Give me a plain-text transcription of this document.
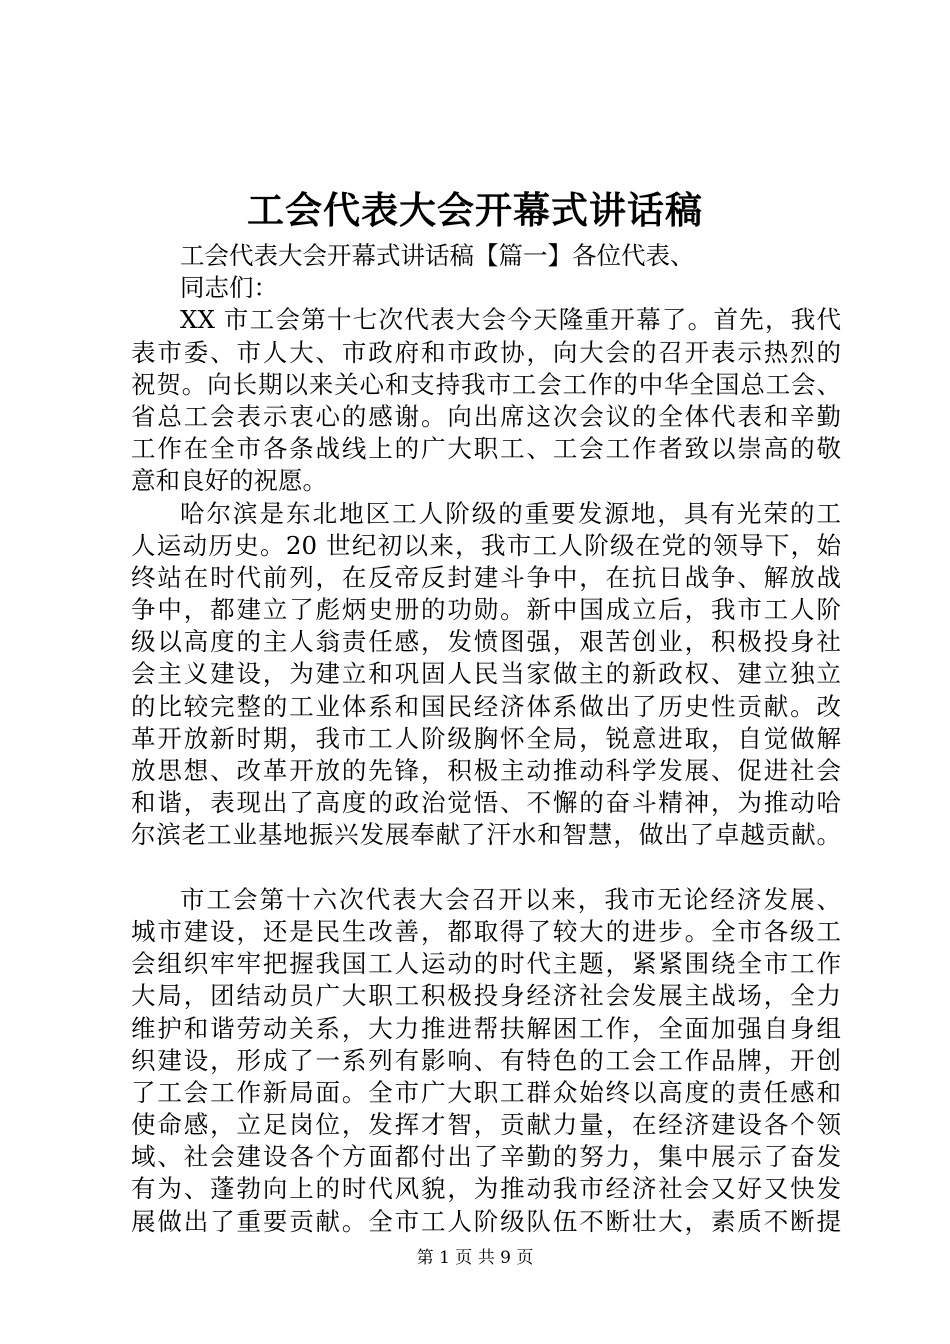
工会代表大会开幕式讲话稿
工会代表大会开幕式讲话稿【篇一】各位代表、
同志们：
XX 市工会第十七次代表大会今天隆重开幕了。首先，我代
表市委、市人大、市政府和市政协，向大会的召开表示热烈的
祝贺。向长期以来关心和支持我市工会工作的中华全国总工会、
省总工会表示衷心的感谢。向出席这次会议的全体代表和辛勤
工作在全市各条战线上的广大职工、工会工作者致以崇高的敬
意和良好的祝愿。
哈尔滨是东北地区工人阶级的重要发源地，具有光荣的工
人运动历史。20 世纪初以来，我市工人阶级在党的领导下，始
终站在时代前列，在反帝反封建斗争中，在抗日战争、解放战
争中，都建立了彪炳史册的功勋。新中国成立后，我市工人阶
级以高度的主人翁责任感，发愤图强，艰苦创业，积极投身社
会主义建设，为建立和巩固人民当家做主的新政权、建立独立
的比较完整的工业体系和国民经济体系做出了历史性贡献。改
革开放新时期，我市工人阶级胸怀全局，锐意进取，自觉做解
放思想、改革开放的先锋，积极主动推动科学发展、促进社会
和谐，表现出了高度的政治觉悟、不懈的奋斗精神，为推动哈
尔滨老工业基地振兴发展奉献了汗水和智慧，做出了卓越贡献。
市工会第十六次代表大会召开以来，我市无论经济发展、
城市建设，还是民生改善，都取得了较大的进步。全市各级工
会组织牢牢把握我国工人运动的时代主题，紧紧围绕全市工作
大局，团结动员广大职工积极投身经济社会发展主战场，全力
维护和谐劳动关系，大力推进帮扶解困工作，全面加强自身组
织建设，形成了一系列有影响、有特色的工会工作品牌，开创
了工会工作新局面。全市广大职工群众始终以高度的责任感和
使命感，立足岗位，发挥才智，贡献力量，在经济建设各个领
域、社会建设各个方面都付出了辛勤的努力，集中展示了奋发
有为、蓬勃向上的时代风貌，为推动我市经济社会又好又快发
展做出了重要贡献。全市工人阶级队伍不断壮大，素质不断提
第 1 页 共 9 页
